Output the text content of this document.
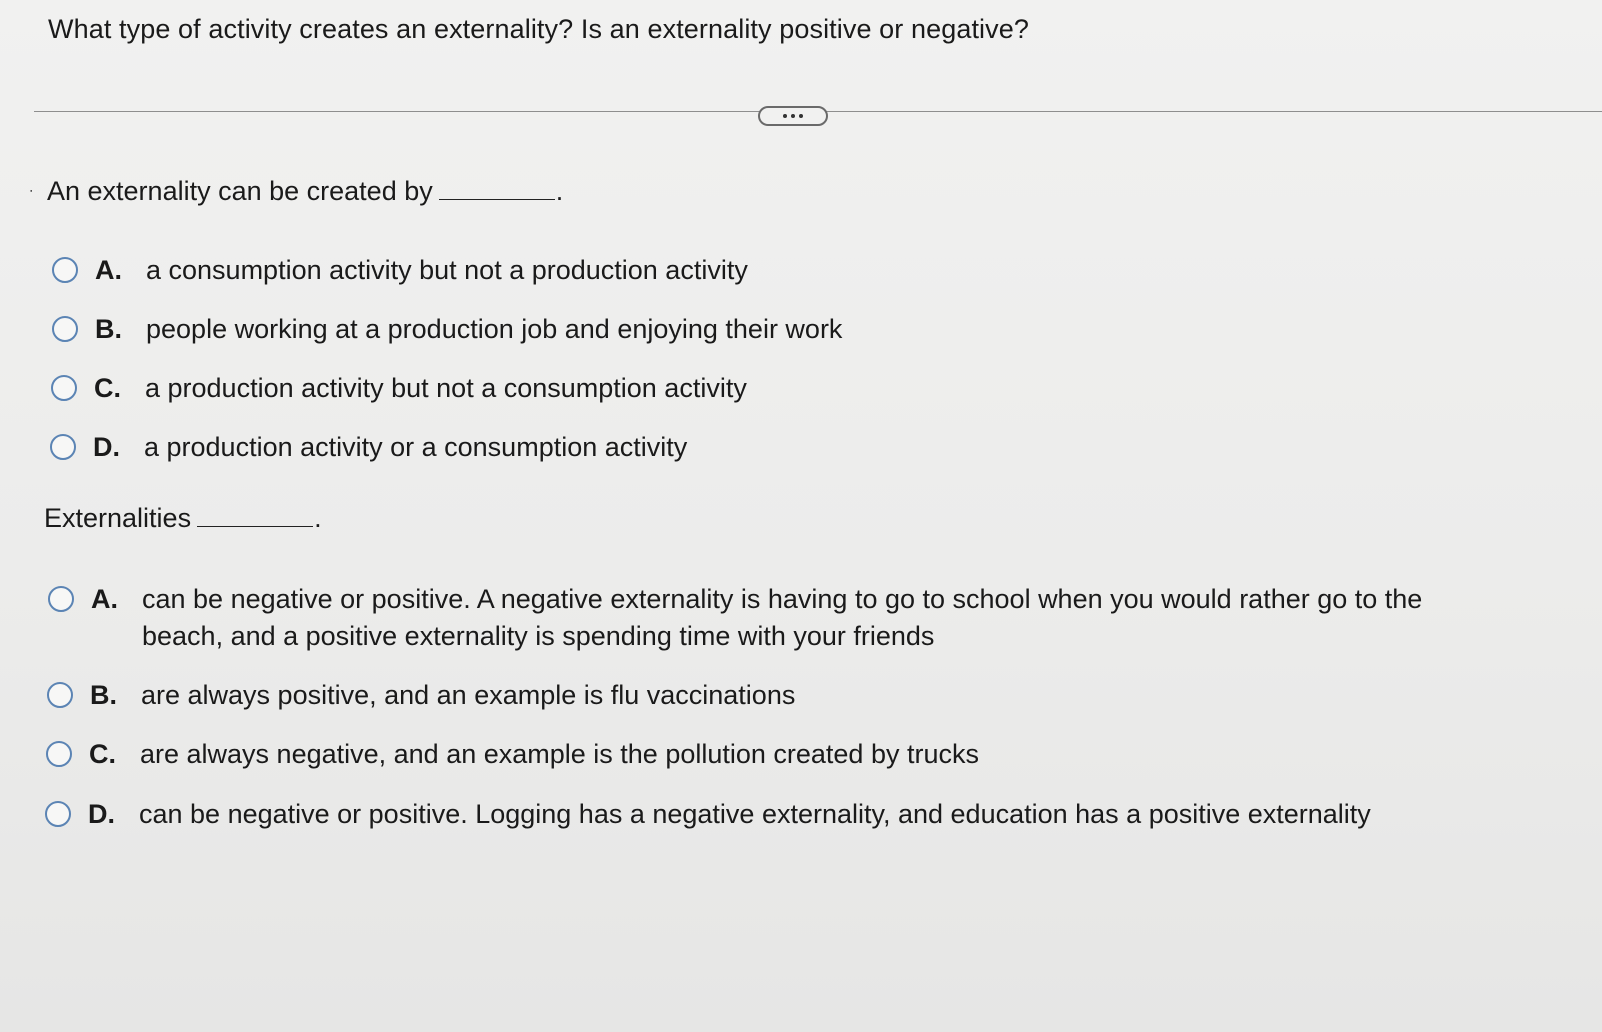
What type of activity creates an externality? Is an externality positive or negative?
‧ An externality can be created by	.
A. a consumption activity but not a production activity
B. people working at a production job and enjoying their work
C. a production activity but not a consumption activity
D. a production activity or a consumption activity
Externalities	.
A. can be negative or positive. A negative externality is having to go to school when you would rather go to the beach, and a positive externality is spending time with your friends
B. are always positive, and an example is flu vaccinations
C. are always negative, and an example is the pollution created by trucks
D. can be negative or positive. Logging has a negative externality, and education has a positive externality
